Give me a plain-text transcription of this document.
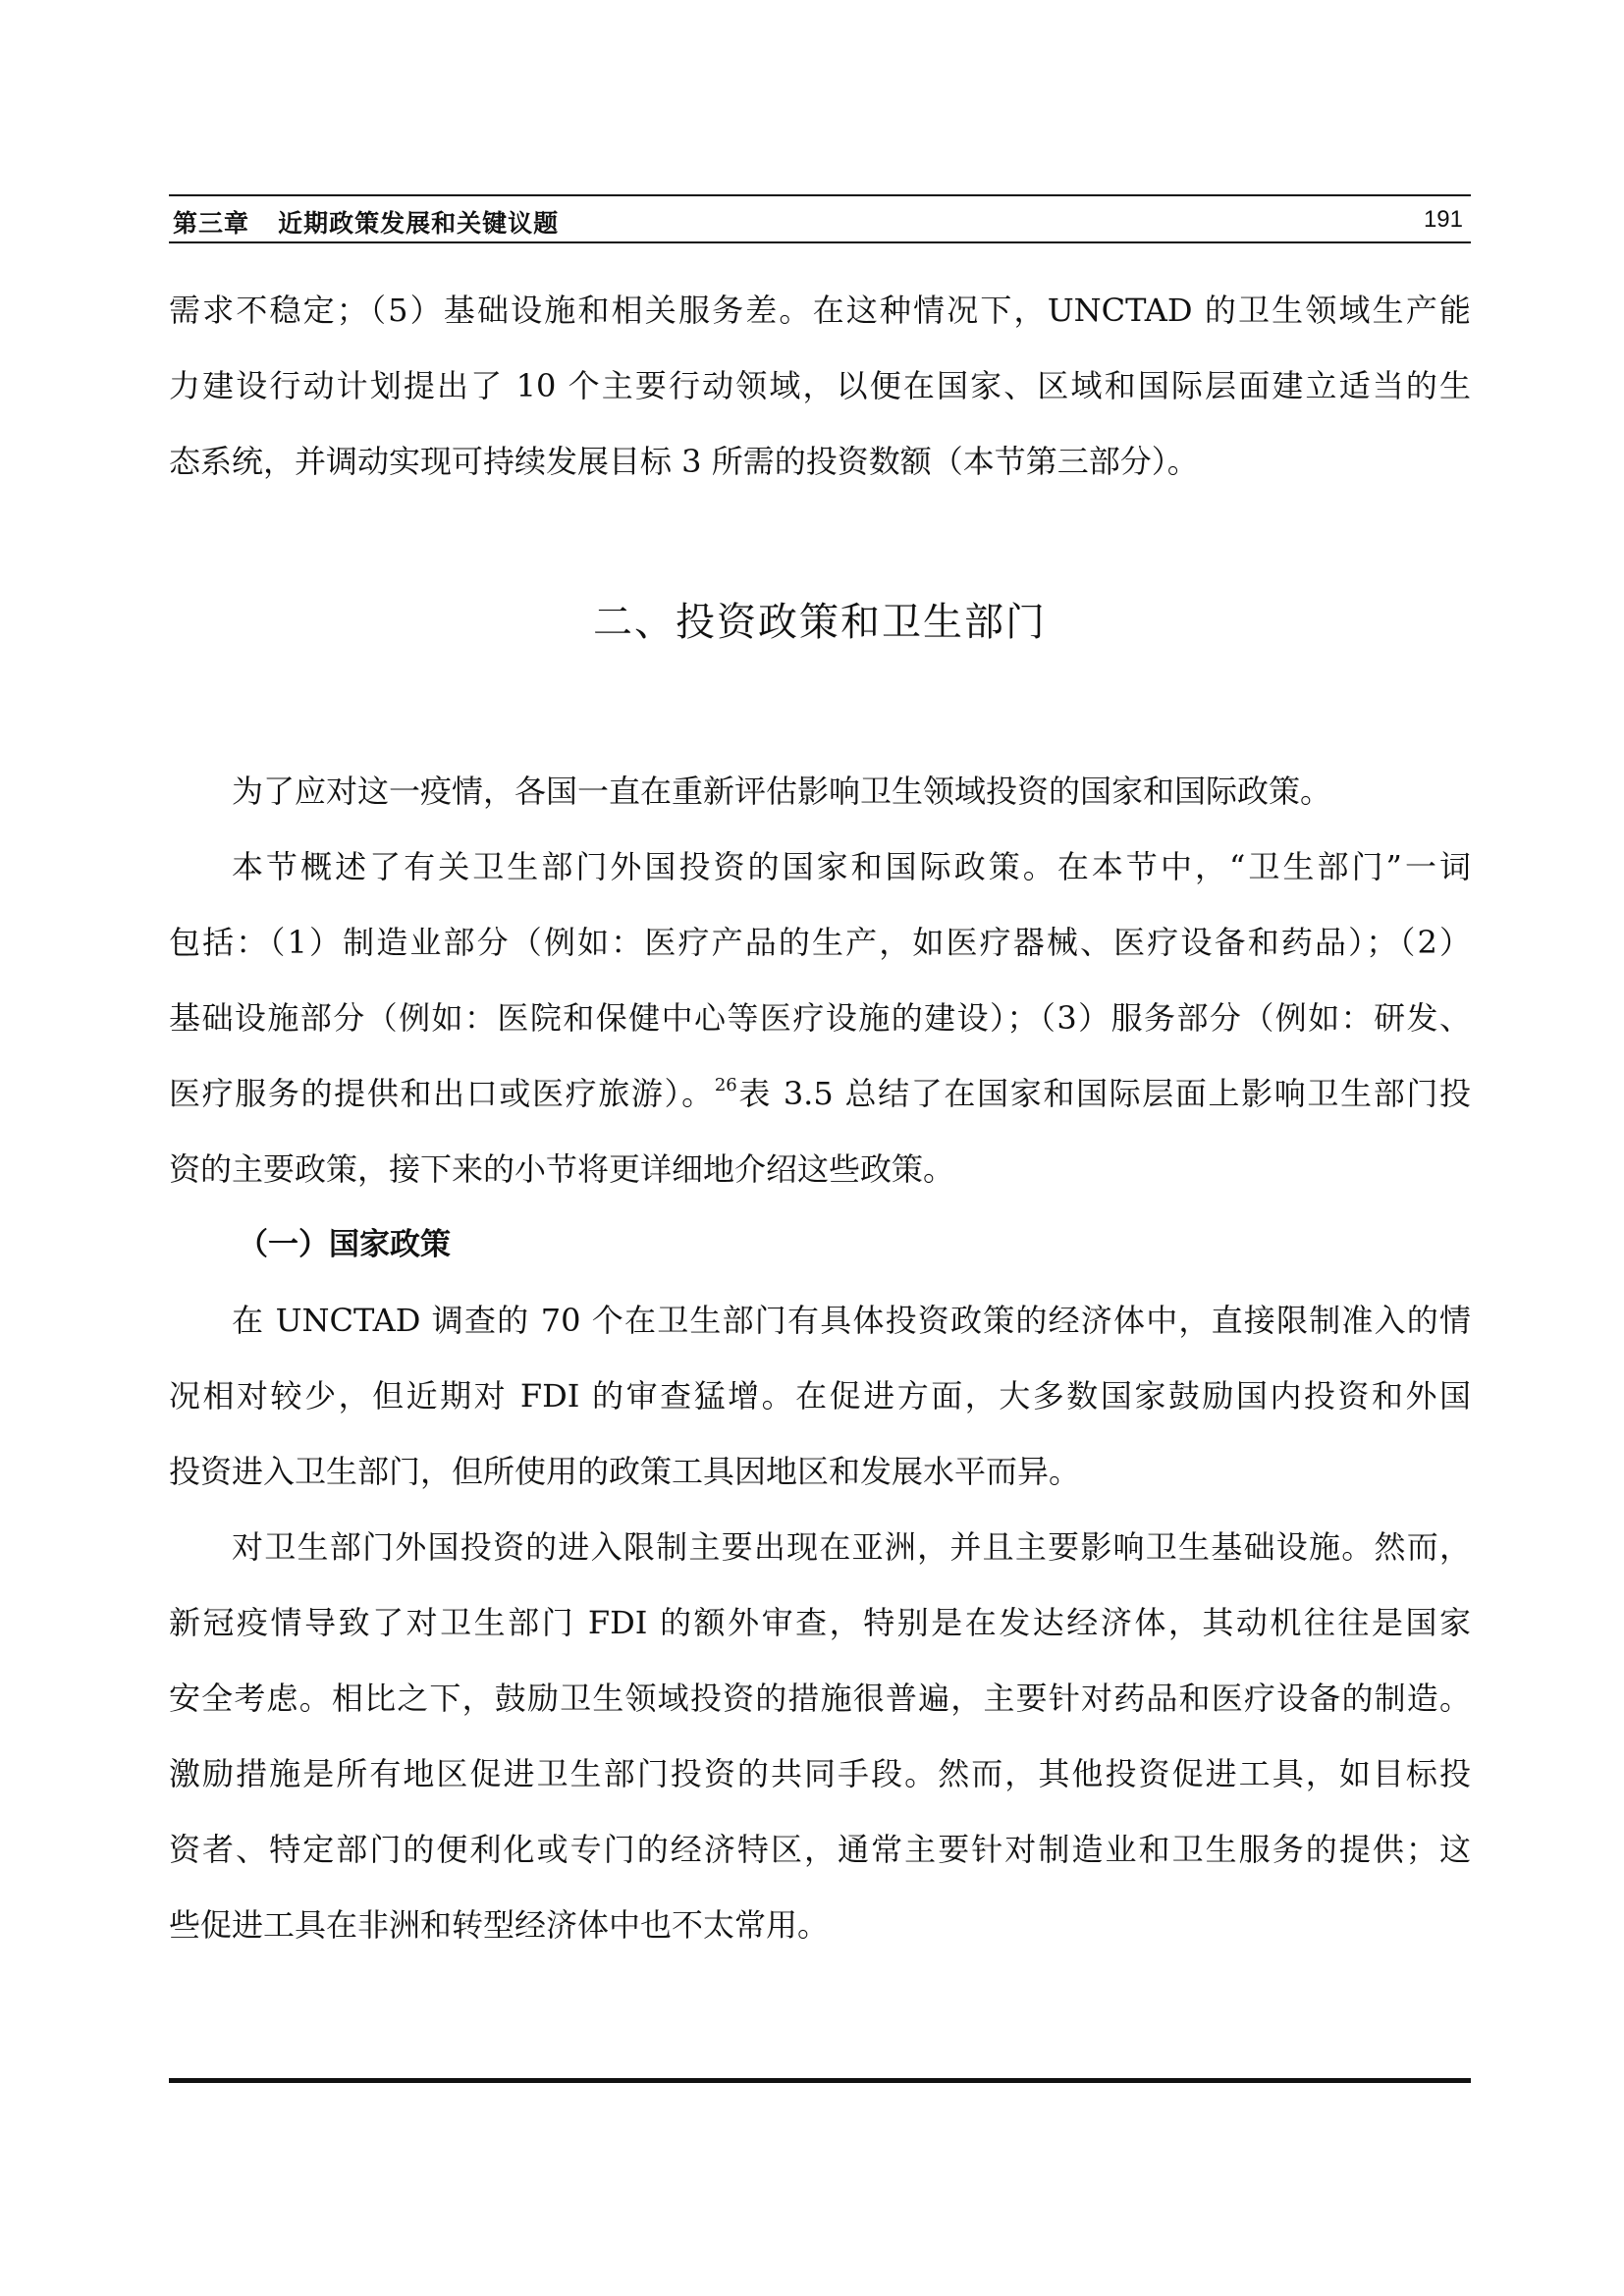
第三章   近期政策发展和关键议题	191
需求不稳定；（5）基础设施和相关服务差。在这种情况下，UNCTAD 的卫生领域生产能
力建设行动计划提出了 10 个主要行动领域，以便在国家、区域和国际层面建立适当的生
态系统，并调动实现可持续发展目标 3 所需的投资数额（本节第三部分）。
二、投资政策和卫生部门
为了应对这一疫情，各国一直在重新评估影响卫生领域投资的国家和国际政策。
本节概述了有关卫生部门外国投资的国家和国际政策。在本节中，“卫生部门”一词
包括：（1）制造业部分（例如：医疗产品的生产，如医疗器械、医疗设备和药品）；（2）
基础设施部分（例如：医院和保健中心等医疗设施的建设）；（3）服务部分（例如：研发、
医疗服务的提供和出口或医疗旅游）。$^{26}$表 3.5 总结了在国家和国际层面上影响卫生部门投
资的主要政策，接下来的小节将更详细地介绍这些政策。
（一）国家政策
在 UNCTAD 调查的 70 个在卫生部门有具体投资政策的经济体中，直接限制准入的情
况相对较少，但近期对 FDI 的审查猛增。在促进方面，大多数国家鼓励国内投资和外国
投资进入卫生部门，但所使用的政策工具因地区和发展水平而异。
对卫生部门外国投资的进入限制主要出现在亚洲，并且主要影响卫生基础设施。然而，
新冠疫情导致了对卫生部门 FDI 的额外审查，特别是在发达经济体，其动机往往是国家
安全考虑。相比之下，鼓励卫生领域投资的措施很普遍，主要针对药品和医疗设备的制造。
激励措施是所有地区促进卫生部门投资的共同手段。然而，其他投资促进工具，如目标投
资者、特定部门的便利化或专门的经济特区，通常主要针对制造业和卫生服务的提供；这
些促进工具在非洲和转型经济体中也不太常用。
